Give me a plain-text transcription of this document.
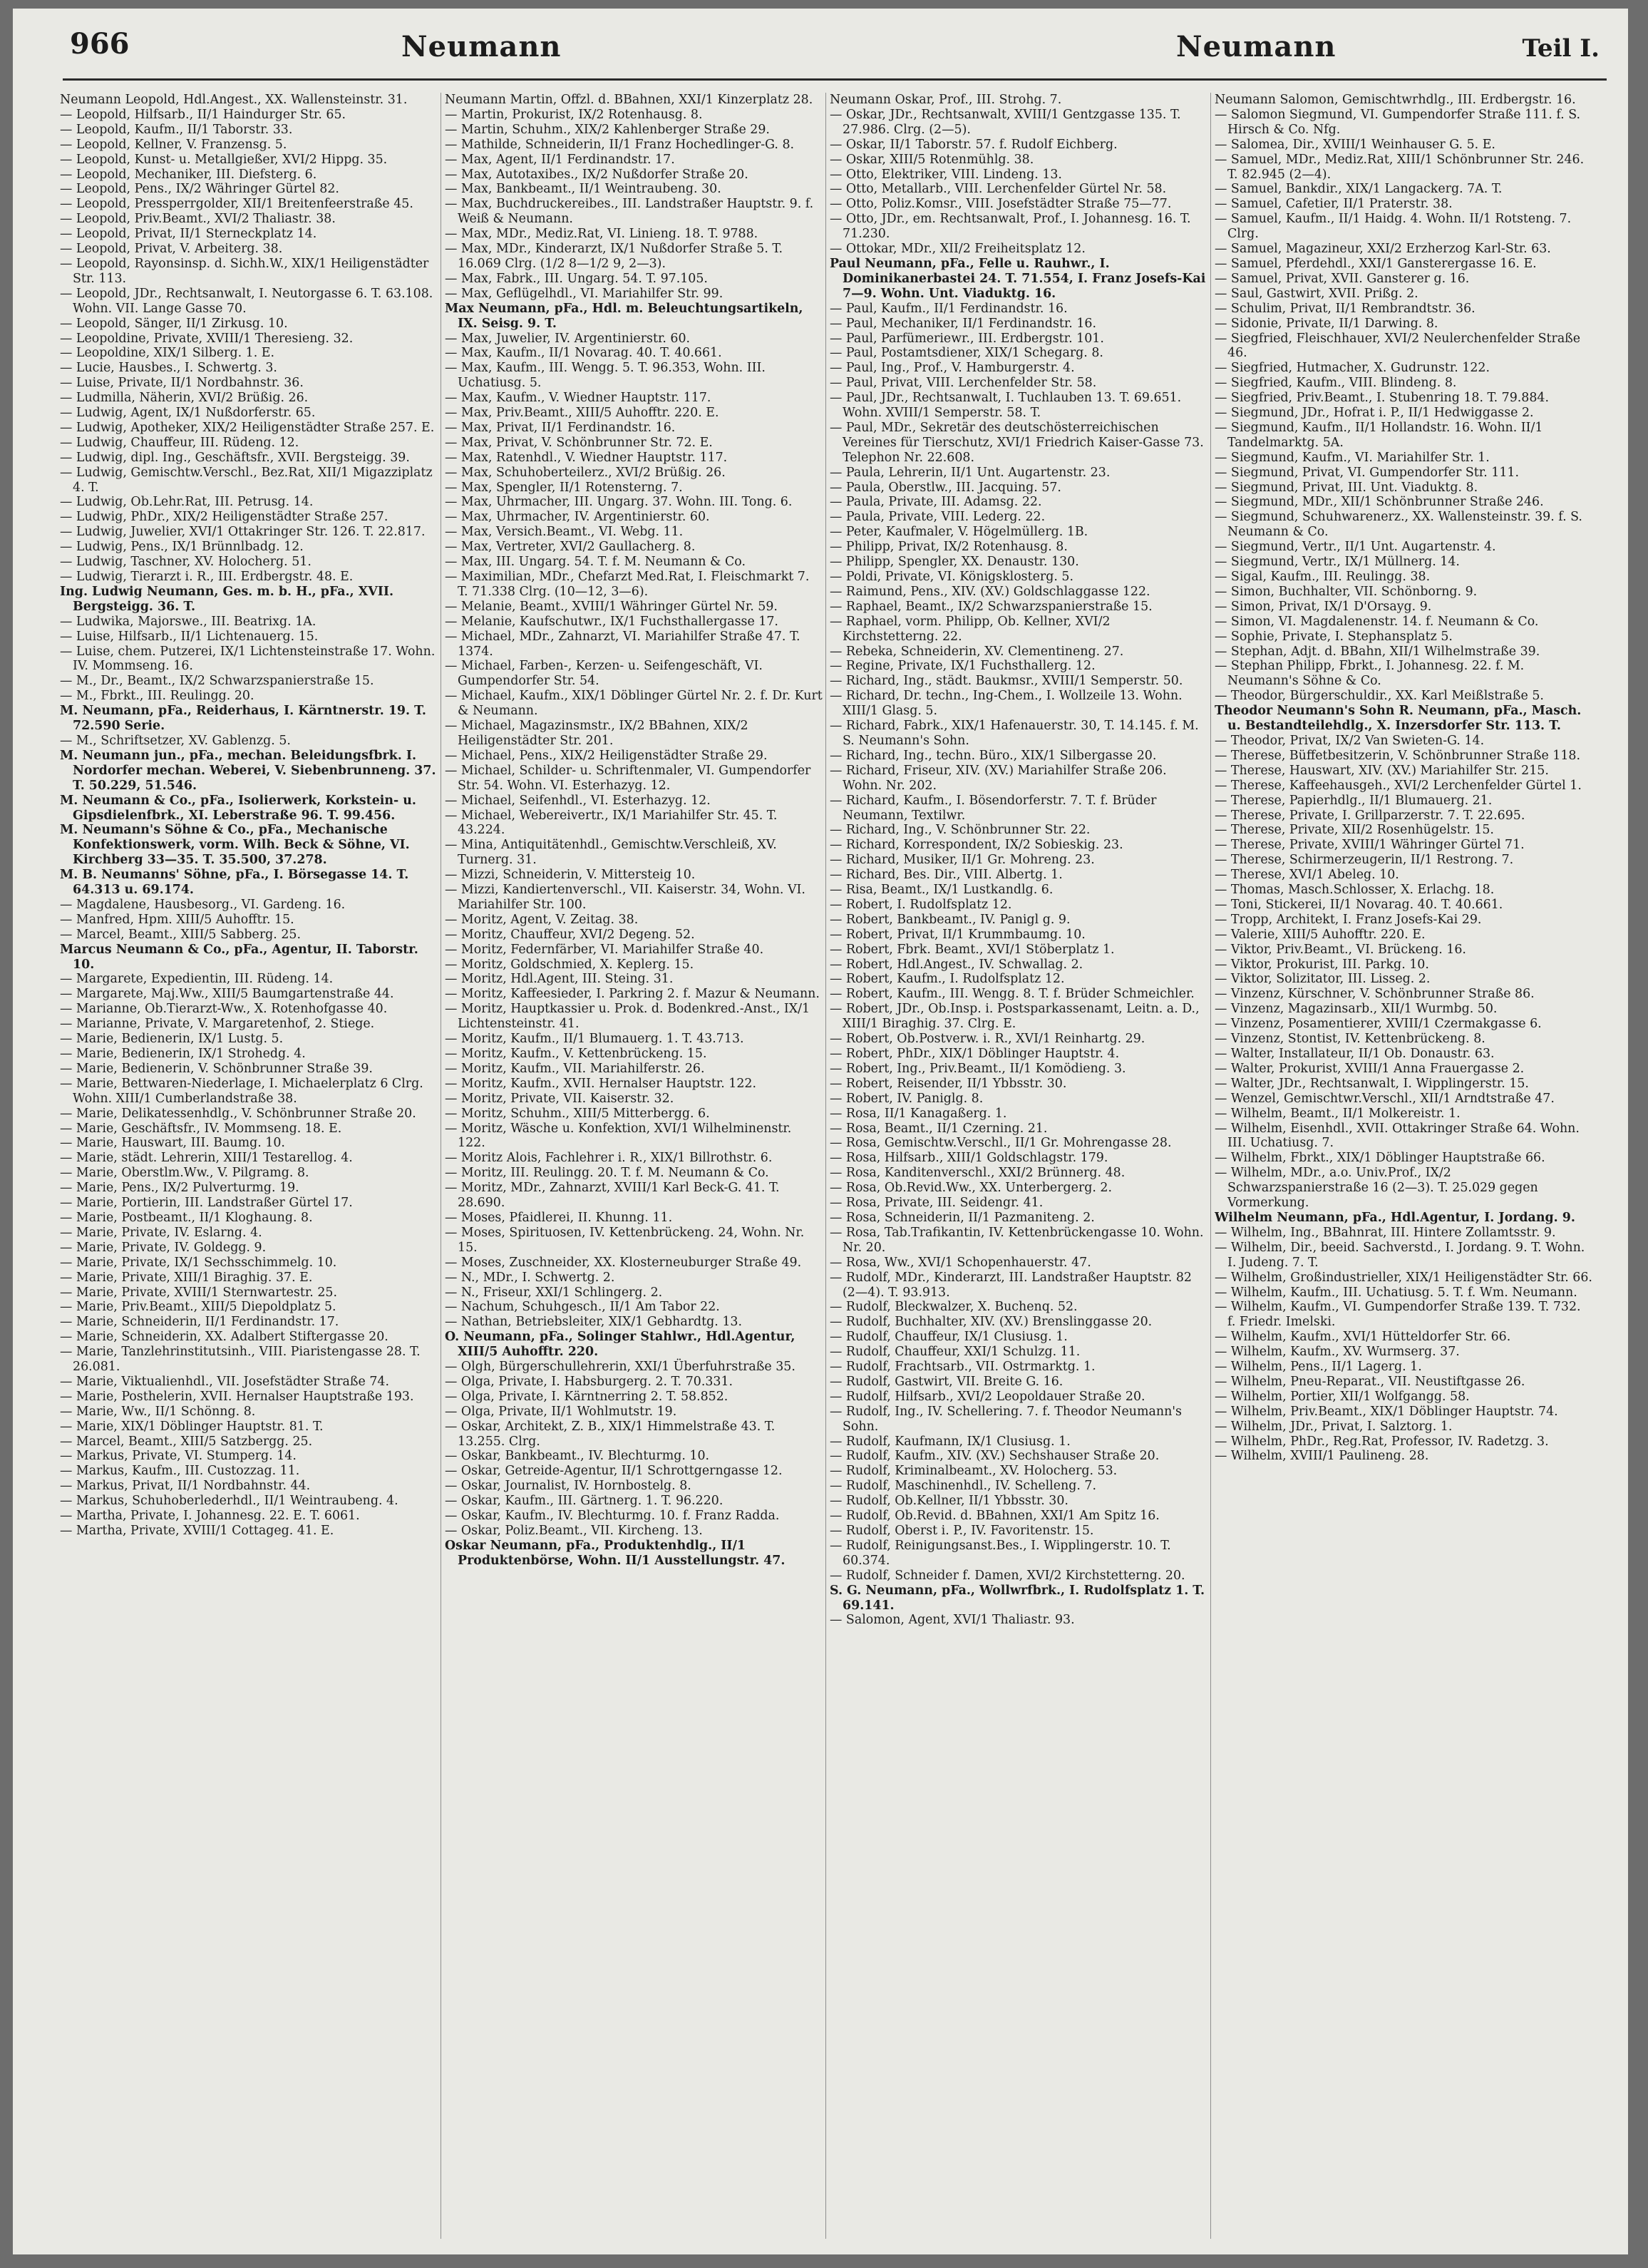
966	Neumann	Neumann	Teil I.

Neumann Leopold, Hdl.Angest., XX. Wallensteinstr. 31.

— Leopold, Hilfsarb., II/1 Haindurger Str. 65.

— Leopold, Kaufm., II/1 Taborstr. 33.

— Leopold, Kellner, V. Franzensg. 5.

— Leopold, Kunst- u. Metallgießer, XVI/2 Hippg. 35.

— Leopold, Mechaniker, III. Diefsterg. 6.

— Leopold, Pens., IX/2 Währinger Gürtel 82.

— Leopold, Pressperrgolder, XII/1 Breitenfeerstraße 45.

— Leopold, Priv.Beamt., XVI/2 Thaliastr. 38.

— Leopold, Privat, II/1 Sterneckplatz 14.

— Leopold, Privat, V. Arbeiterg. 38.

— Leopold, Rayonsinsp. d. Sichh.W., XIX/1 Heiligenstädter Str. 113.

— Leopold, JDr., Rechtsanwalt, I. Neutorgasse 6. T. 63.108. Wohn. VII. Lange Gasse 70.

— Leopold, Sänger, II/1 Zirkusg. 10.

— Leopoldine, Private, XVIII/1 Theresieng. 32.

— Leopoldine, XIX/1 Silberg. 1. E.

— Lucie, Hausbes., I. Schwertg. 3.

— Luise, Private, II/1 Nordbahnstr. 36.

— Ludmilla, Näherin, XVI/2 Brüßig. 26.

— Ludwig, Agent, IX/1 Nußdorferstr. 65.

— Ludwig, Apotheker, XIX/2 Heiligenstädter Straße 257. E.

— Ludwig, Chauffeur, III. Rüdeng. 12.

— Ludwig, dipl. Ing., Geschäftsfr., XVII. Bergsteigg. 39.

— Ludwig, Gemischtw.Verschl., Bez.Rat, XII/1 Migazziplatz 4. T.

— Ludwig, Ob.Lehr.Rat, III. Petrusg. 14.

— Ludwig, PhDr., XIX/2 Heiligenstädter Straße 257.

— Ludwig, Juwelier, XVI/1 Ottakringer Str. 126. T. 22.817.

— Ludwig, Pens., IX/1 Brünnlbadg. 12.

— Ludwig, Taschner, XV. Holocherg. 51.

— Ludwig, Tierarzt i. R., III. Erdbergstr. 48. E.

Ing. Ludwig Neumann, Ges. m. b. H., pFa., XVII. Bergsteigg. 36. T.

— Ludwika, Majorswe., III. Beatrixg. 1A.

— Luise, Hilfsarb., II/1 Lichtenauerg. 15.

— Luise, chem. Putzerei, IX/1 Lichtensteinstraße 17. Wohn. IV. Mommseng. 16.

— M., Dr., Beamt., IX/2 Schwarzspanierstraße 15.

— M., Fbrkt., III. Reulingg. 20.

M. Neumann, pFa., Reiderhaus, I. Kärntnerstr. 19. T. 72.590 Serie.

— M., Schriftsetzer, XV. Gablenzg. 5.

M. Neumann jun., pFa., mechan. Beleidungsfbrk. I. Nordorfer mechan. Weberei, V. Siebenbrunneng. 37. T. 50.229, 51.546.

M. Neumann & Co., pFa., Isolierwerk, Korkstein- u. Gipsdielenfbrk., XI. Leberstraße 96. T. 99.456.

M. Neumann's Söhne & Co., pFa., Mechanische Konfektionswerk, vorm. Wilh. Beck & Söhne, VI. Kirchberg 33—35. T. 35.500, 37.278.

M. B. Neumanns' Söhne, pFa., I. Börsegasse 14. T. 64.313 u. 69.174.

— Magdalene, Hausbesorg., VI. Gardeng. 16.

— Manfred, Hpm. XIII/5 Auhofftr. 15.

— Marcel, Beamt., XIII/5 Sabberg. 25.

Marcus Neumann & Co., pFa., Agentur, II. Taborstr. 10.

— Margarete, Expedientin, III. Rüdeng. 14.

— Margarete, Maj.Ww., XIII/5 Baumgartenstraße 44.

— Marianne, Ob.Tierarzt-Ww., X. Rotenhofgasse 40.

— Marianne, Private, V. Margaretenhof, 2. Stiege.

— Marie, Bedienerin, IX/1 Lustg. 5.

— Marie, Bedienerin, IX/1 Strohedg. 4.

— Marie, Bedienerin, V. Schönbrunner Straße 39.

— Marie, Bettwaren-Niederlage, I. Michaelerplatz 6 Clrg. Wohn. XIII/1 Cumberlandstraße 38.

— Marie, Delikatessenhdlg., V. Schönbrunner Straße 20.

— Marie, Geschäftsfr., IV. Mommseng. 18. E.

— Marie, Hauswart, III. Baumg. 10.

— Marie, städt. Lehrerin, XIII/1 Testarellog. 4.

— Marie, Oberstlm.Ww., V. Pilgramg. 8.

— Marie, Pens., IX/2 Pulverturmg. 19.

— Marie, Portierin, III. Landstraßer Gürtel 17.

— Marie, Postbeamt., II/1 Kloghaung. 8.

— Marie, Private, IV. Eslarng. 4.

— Marie, Private, IV. Goldegg. 9.

— Marie, Private, IX/1 Sechsschimmelg. 10.

— Marie, Private, XIII/1 Biraghig. 37. E.

— Marie, Private, XVIII/1 Sternwartestr. 25.

— Marie, Priv.Beamt., XIII/5 Diepoldplatz 5.

— Marie, Schneiderin, II/1 Ferdinandstr. 17.

— Marie, Schneiderin, XX. Adalbert Stiftergasse 20.

— Marie, Tanzlehrinstitutsinh., VIII. Piaristengasse 28. T. 26.081.

— Marie, Viktualienhdl., VII. Josefstädter Straße 74.

— Marie, Posthelerin, XVII. Hernalser Hauptstraße 193.

— Marie, Ww., II/1 Schönng. 8.

— Marie, XIX/1 Döblinger Hauptstr. 81. T.

— Marcel, Beamt., XIII/5 Satzbergg. 25.

— Markus, Private, VI. Stumperg. 14.

— Markus, Kaufm., III. Custozzag. 11.

— Markus, Privat, II/1 Nordbahnstr. 44.

— Markus, Schuhoberlederhdl., II/1 Weintraubeng. 4.

— Martha, Private, I. Johannesg. 22. E. T. 6061.

— Martha, Private, XVIII/1 Cottageg. 41. E.

Neumann Martin, Offzl. d. BBahnen, XXI/1 Kinzerplatz 28.

— Martin, Prokurist, IX/2 Rotenhausg. 8.

— Martin, Schuhm., XIX/2 Kahlenberger Straße 29.

— Mathilde, Schneiderin, II/1 Franz Hochedlinger-G. 8.

— Max, Agent, II/1 Ferdinandstr. 17.

— Max, Autotaxibes., IX/2 Nußdorfer Straße 20.

— Max, Bankbeamt., II/1 Weintraubeng. 30.

— Max, Buchdruckereibes., III. Landstraßer Hauptstr. 9. f. Weiß & Neumann.

— Max, MDr., Mediz.Rat, VI. Linieng. 18. T. 9788.

— Max, MDr., Kinderarzt, IX/1 Nußdorfer Straße 5. T. 16.069 Clrg. (1/2 8—1/2 9, 2—3).

— Max, Fabrk., III. Ungarg. 54. T. 97.105.

— Max, Geflügelhdl., VI. Mariahilfer Str. 99.

Max Neumann, pFa., Hdl. m. Beleuchtungsartikeln, IX. Seisg. 9. T.

— Max, Juwelier, IV. Argentinierstr. 60.

— Max, Kaufm., II/1 Novarag. 40. T. 40.661.

— Max, Kaufm., III. Wengg. 5. T. 96.353, Wohn. III. Uchatiusg. 5.

— Max, Kaufm., V. Wiedner Hauptstr. 117.

— Max, Priv.Beamt., XIII/5 Auhofftr. 220. E.

— Max, Privat, II/1 Ferdinandstr. 16.

— Max, Privat, V. Schönbrunner Str. 72. E.

— Max, Ratenhdl., V. Wiedner Hauptstr. 117.

— Max, Schuhoberteilerz., XVI/2 Brüßig. 26.

— Max, Spengler, II/1 Rotensterng. 7.

— Max, Uhrmacher, III. Ungarg. 37. Wohn. III. Tong. 6.

— Max, Uhrmacher, IV. Argentinierstr. 60.

— Max, Versich.Beamt., VI. Webg. 11.

— Max, Vertreter, XVI/2 Gaullacherg. 8.

— Max, III. Ungarg. 54. T. f. M. Neumann & Co.

— Maximilian, MDr., Chefarzt Med.Rat, I. Fleischmarkt 7. T. 71.338 Clrg. (10—12, 3—6).

— Melanie, Beamt., XVIII/1 Währinger Gürtel Nr. 59.

— Melanie, Kaufschutwr., IX/1 Fuchsthallergasse 17.

— Michael, MDr., Zahnarzt, VI. Mariahilfer Straße 47. T. 1374.

— Michael, Farben-, Kerzen- u. Seifengeschäft, VI. Gumpendorfer Str. 54.

— Michael, Kaufm., XIX/1 Döblinger Gürtel Nr. 2. f. Dr. Kurt & Neumann.

— Michael, Magazinsmstr., IX/2 BBahnen, XIX/2 Heiligenstädter Str. 201.

— Michael, Pens., XIX/2 Heiligenstädter Straße 29.

— Michael, Schilder- u. Schriftenmaler, VI. Gumpendorfer Str. 54. Wohn. VI. Esterhazyg. 12.

— Michael, Seifenhdl., VI. Esterhazyg. 12.

— Michael, Webereivertr., IX/1 Mariahilfer Str. 45. T. 43.224.

— Mina, Antiquitätenhdl., Gemischtw.Verschleiß, XV. Turnerg. 31.

— Mizzi, Schneiderin, V. Mittersteig 10.

— Mizzi, Kandiertenverschl., VII. Kaiserstr. 34, Wohn. VI. Mariahilfer Str. 100.

— Moritz, Agent, V. Zeitag. 38.

— Moritz, Chauffeur, XVI/2 Degeng. 52.

— Moritz, Federnfärber, VI. Mariahilfer Straße 40.

— Moritz, Goldschmied, X. Keplerg. 15.

— Moritz, Hdl.Agent, III. Steing. 31.

— Moritz, Kaffeesieder, I. Parkring 2. f. Mazur & Neumann.

— Moritz, Hauptkassier u. Prok. d. Bodenkred.-Anst., IX/1 Lichtensteinstr. 41.

— Moritz, Kaufm., II/1 Blumauerg. 1. T. 43.713.

— Moritz, Kaufm., V. Kettenbrückeng. 15.

— Moritz, Kaufm., VII. Mariahilferstr. 26.

— Moritz, Kaufm., XVII. Hernalser Hauptstr. 122.

— Moritz, Private, VII. Kaiserstr. 32.

— Moritz, Schuhm., XIII/5 Mitterbergg. 6.

— Moritz, Wäsche u. Konfektion, XVI/1 Wilhelminenstr. 122.

— Moritz Alois, Fachlehrer i. R., XIX/1 Billrothstr. 6.

— Moritz, III. Reulingg. 20. T. f. M. Neumann & Co.

— Moritz, MDr., Zahnarzt, XVIII/1 Karl Beck-G. 41. T. 28.690.

— Moses, Pfaidlerei, II. Khunng. 11.

— Moses, Spirituosen, IV. Kettenbrückeng. 24, Wohn. Nr. 15.

— Moses, Zuschneider, XX. Klosterneuburger Straße 49.

— N., MDr., I. Schwertg. 2.

— N., Friseur, XXI/1 Schlingerg. 2.

— Nachum, Schuhgesch., II/1 Am Tabor 22.

— Nathan, Betriebsleiter, XIX/1 Gebhardtg. 13.

O. Neumann, pFa., Solinger Stahlwr., Hdl.Agentur, XIII/5 Auhofftr. 220.

— Olgh, Bürgerschullehrerin, XXI/1 Überfuhrstraße 35.

— Olga, Private, I. Habsburgerg. 2. T. 70.331.

— Olga, Private, I. Kärntnerring 2. T. 58.852.

— Olga, Private, II/1 Wohlmutstr. 19.

— Oskar, Architekt, Z. B., XIX/1 Himmelstraße 43. T. 13.255. Clrg.

— Oskar, Bankbeamt., IV. Blechturmg. 10.

— Oskar, Getreide-Agentur, II/1 Schrottgerngasse 12.

— Oskar, Journalist, IV. Hornbostelg. 8.

— Oskar, Kaufm., III. Gärtnerg. 1. T. 96.220.

— Oskar, Kaufm., IV. Blechturmg. 10. f. Franz Radda.

— Oskar, Poliz.Beamt., VII. Kircheng. 13.

Oskar Neumann, pFa., Produktenhdlg., II/1 Produktenbörse, Wohn. II/1 Ausstellungstr. 47.

Neumann Oskar, Prof., III. Strohg. 7.

— Oskar, JDr., Rechtsanwalt, XVIII/1 Gentzgasse 135. T. 27.986. Clrg. (2—5).

— Oskar, II/1 Taborstr. 57. f. Rudolf Eichberg.

— Oskar, XIII/5 Rotenmühlg. 38.

— Otto, Elektriker, VIII. Lindeng. 13.

— Otto, Metallarb., VIII. Lerchenfelder Gürtel Nr. 58.

— Otto, Poliz.Komsr., VIII. Josefstädter Straße 75—77.

— Otto, JDr., em. Rechtsanwalt, Prof., I. Johannesg. 16. T. 71.230.

— Ottokar, MDr., XII/2 Freiheitsplatz 12.

Paul Neumann, pFa., Felle u. Rauhwr., I. Dominikanerbastei 24. T. 71.554, I. Franz Josefs-Kai 7—9. Wohn. Unt. Viaduktg. 16.

— Paul, Kaufm., II/1 Ferdinandstr. 16.

— Paul, Mechaniker, II/1 Ferdinandstr. 16.

— Paul, Parfümeriewr., III. Erdbergstr. 101.

— Paul, Postamtsdiener, XIX/1 Schegarg. 8.

— Paul, Ing., Prof., V. Hamburgerstr. 4.

— Paul, Privat, VIII. Lerchenfelder Str. 58.

— Paul, JDr., Rechtsanwalt, I. Tuchlauben 13. T. 69.651. Wohn. XVIII/1 Semperstr. 58. T.

— Paul, MDr., Sekretär des deutschösterreichischen Vereines für Tierschutz, XVI/1 Friedrich Kaiser-Gasse 73. Telephon Nr. 22.608.

— Paula, Lehrerin, II/1 Unt. Augartenstr. 23.

— Paula, Oberstlw., III. Jacquing. 57.

— Paula, Private, III. Adamsg. 22.

— Paula, Private, VIII. Lederg. 22.

— Peter, Kaufmaler, V. Högelmüllerg. 1B.

— Philipp, Privat, IX/2 Rotenhausg. 8.

— Philipp, Spengler, XX. Denaustr. 130.

— Poldi, Private, VI. Königsklosterg. 5.

— Raimund, Pens., XIV. (XV.) Goldschlaggasse 122.

— Raphael, Beamt., IX/2 Schwarzspanierstraße 15.

— Raphael, vorm. Philipp, Ob. Kellner, XVI/2 Kirchstetterng. 22.

— Rebeka, Schneiderin, XV. Clementineng. 27.

— Regine, Private, IX/1 Fuchsthallerg. 12.

— Richard, Ing., städt. Baukmsr., XVIII/1 Semperstr. 50.

— Richard, Dr. techn., Ing-Chem., I. Wollzeile 13. Wohn. XIII/1 Glasg. 5.

— Richard, Fabrk., XIX/1 Hafenauerstr. 30, T. 14.145. f. M. S. Neumann's Sohn.

— Richard, Ing., techn. Büro., XIX/1 Silbergasse 20.

— Richard, Friseur, XIV. (XV.) Mariahilfer Straße 206. Wohn. Nr. 202.

— Richard, Kaufm., I. Bösendorferstr. 7. T. f. Brüder Neumann, Textilwr.

— Richard, Ing., V. Schönbrunner Str. 22.

— Richard, Korrespondent, IX/2 Sobieskig. 23.

— Richard, Musiker, II/1 Gr. Mohreng. 23.

— Richard, Bes. Dir., VIII. Albertg. 1.

— Risa, Beamt., IX/1 Lustkandlg. 6.

— Robert, I. Rudolfsplatz 12.

— Robert, Bankbeamt., IV. Panigl g. 9.

— Robert, Privat, II/1 Krummbaumg. 10.

— Robert, Fbrk. Beamt., XVI/1 Stöberplatz 1.

— Robert, Hdl.Angest., IV. Schwallag. 2.

— Robert, Kaufm., I. Rudolfsplatz 12.

— Robert, Kaufm., III. Wengg. 8. T. f. Brüder Schmeichler.

— Robert, JDr., Ob.Insp. i. Postsparkassenamt, Leitn. a. D., XIII/1 Biraghig. 37. Clrg. E.

— Robert, Ob.Postverw. i. R., XVI/1 Reinhartg. 29.

— Robert, PhDr., XIX/1 Döblinger Hauptstr. 4.

— Robert, Ing., Priv.Beamt., II/1 Komödieng. 3.

— Robert, Reisender, II/1 Ybbsstr. 30.

— Robert, IV. Paniglg. 8.

— Rosa, II/1 Kanagaßerg. 1.

— Rosa, Beamt., II/1 Czerning. 21.

— Rosa, Gemischtw.Verschl., II/1 Gr. Mohrengasse 28.

— Rosa, Hilfsarb., XIII/1 Goldschlagstr. 179.

— Rosa, Kanditenverschl., XXI/2 Brünnerg. 48.

— Rosa, Ob.Revid.Ww., XX. Unterbergerg. 2.

— Rosa, Private, III. Seidengr. 41.

— Rosa, Schneiderin, II/1 Pazmaniteng. 2.

— Rosa, Tab.Trafikantin, IV. Kettenbrückengasse 10. Wohn. Nr. 20.

— Rosa, Ww., XVI/1 Schopenhauerstr. 47.

— Rudolf, MDr., Kinderarzt, III. Landstraßer Hauptstr. 82 (2—4). T. 93.913.

— Rudolf, Bleckwalzer, X. Buchenq. 52.

— Rudolf, Buchhalter, XIV. (XV.) Brenslinggasse 20.

— Rudolf, Chauffeur, IX/1 Clusiusg. 1.

— Rudolf, Chauffeur, XXI/1 Schulzg. 11.

— Rudolf, Frachtsarb., VII. Ostrmarktg. 1.

— Rudolf, Gastwirt, VII. Breite G. 16.

— Rudolf, Hilfsarb., XVI/2 Leopoldauer Straße 20.

— Rudolf, Ing., IV. Schellering. 7. f. Theodor Neumann's Sohn.

— Rudolf, Kaufmann, IX/1 Clusiusg. 1.

— Rudolf, Kaufm., XIV. (XV.) Sechshauser Straße 20.

— Rudolf, Kriminalbeamt., XV. Holocherg. 53.

— Rudolf, Maschinenhdl., IV. Schelleng. 7.

— Rudolf, Ob.Kellner, II/1 Ybbsstr. 30.

— Rudolf, Ob.Revid. d. BBahnen, XXI/1 Am Spitz 16.

— Rudolf, Oberst i. P., IV. Favoritenstr. 15.

— Rudolf, Reinigungsanst.Bes., I. Wipplingerstr. 10. T. 60.374.

— Rudolf, Schneider f. Damen, XVI/2 Kirchstetterng. 20.

S. G. Neumann, pFa., Wollwrfbrk., I. Rudolfsplatz 1. T. 69.141.

— Salomon, Agent, XVI/1 Thaliastr. 93.

Neumann Salomon, Gemischtwrhdlg., III. Erdbergstr. 16.

— Salomon Siegmund, VI. Gumpendorfer Straße 111. f. S. Hirsch & Co. Nfg.

— Salomea, Dir., XVIII/1 Weinhauser G. 5. E.

— Samuel, MDr., Mediz.Rat, XIII/1 Schönbrunner Str. 246. T. 82.945 (2—4).

— Samuel, Bankdir., XIX/1 Langackerg. 7A. T.

— Samuel, Cafetier, II/1 Praterstr. 38.

— Samuel, Kaufm., II/1 Haidg. 4. Wohn. II/1 Rotsteng. 7. Clrg.

— Samuel, Magazineur, XXI/2 Erzherzog Karl-Str. 63.

— Samuel, Pferdehdl., XXI/1 Gansterergasse 16. E.

— Samuel, Privat, XVII. Gansterer g. 16.

— Saul, Gastwirt, XVII. Prißg. 2.

— Schulim, Privat, II/1 Rembrandtstr. 36.

— Sidonie, Private, II/1 Darwing. 8.

— Siegfried, Fleischhauer, XVI/2 Neulerchenfelder Straße 46.

— Siegfried, Hutmacher, X. Gudrunstr. 122.

— Siegfried, Kaufm., VIII. Blindeng. 8.

— Siegfried, Priv.Beamt., I. Stubenring 18. T. 79.884.

— Siegmund, JDr., Hofrat i. P., II/1 Hedwiggasse 2.

— Siegmund, Kaufm., II/1 Hollandstr. 16. Wohn. II/1 Tandelmarktg. 5A.

— Siegmund, Kaufm., VI. Mariahilfer Str. 1.

— Siegmund, Privat, VI. Gumpendorfer Str. 111.

— Siegmund, Privat, III. Unt. Viaduktg. 8.

— Siegmund, MDr., XII/1 Schönbrunner Straße 246.

— Siegmund, Schuhwarenerz., XX. Wallensteinstr. 39. f. S. Neumann & Co.

— Siegmund, Vertr., II/1 Unt. Augartenstr. 4.

— Siegmund, Vertr., IX/1 Müllnerg. 14.

— Sigal, Kaufm., III. Reulingg. 38.

— Simon, Buchhalter, VII. Schönborng. 9.

— Simon, Privat, IX/1 D'Orsayg. 9.

— Simon, VI. Magdalenenstr. 14. f. Neumann & Co.

— Sophie, Private, I. Stephansplatz 5.

— Stephan, Adjt. d. BBahn, XII/1 Wilhelmstraße 39.

— Stephan Philipp, Fbrkt., I. Johannesg. 22. f. M. Neumann's Söhne & Co.

— Theodor, Bürgerschuldir., XX. Karl Meißlstraße 5.

Theodor Neumann's Sohn R. Neumann, pFa., Masch. u. Bestandteilehdlg., X. Inzersdorfer Str. 113. T.

— Theodor, Privat, IX/2 Van Swieten-G. 14.

— Therese, Büffetbesitzerin, V. Schönbrunner Straße 118.

— Therese, Hauswart, XIV. (XV.) Mariahilfer Str. 215.

— Therese, Kaffeehausgeh., XVI/2 Lerchenfelder Gürtel 1.

— Therese, Papierhdlg., II/1 Blumauerg. 21.

— Therese, Private, I. Grillparzerstr. 7. T. 22.695.

— Therese, Private, XII/2 Rosenhügelstr. 15.

— Therese, Private, XVIII/1 Währinger Gürtel 71.

— Therese, Schirmerzeugerin, II/1 Restrong. 7.

— Therese, XVI/1 Abeleg. 10.

— Thomas, Masch.Schlosser, X. Erlachg. 18.

— Toni, Stickerei, II/1 Novarag. 40. T. 40.661.

— Tropp, Architekt, I. Franz Josefs-Kai 29.

— Valerie, XIII/5 Auhofftr. 220. E.

— Viktor, Priv.Beamt., VI. Brückeng. 16.

— Viktor, Prokurist, III. Parkg. 10.

— Viktor, Solizitator, III. Lisseg. 2.

— Vinzenz, Kürschner, V. Schönbrunner Straße 86.

— Vinzenz, Magazinsarb., XII/1 Wurmbg. 50.

— Vinzenz, Posamentierer, XVIII/1 Czermakgasse 6.

— Vinzenz, Stontist, IV. Kettenbrückeng. 8.

— Walter, Installateur, II/1 Ob. Donaustr. 63.

— Walter, Prokurist, XVIII/1 Anna Frauergasse 2.

— Walter, JDr., Rechtsanwalt, I. Wipplingerstr. 15.

— Wenzel, Gemischtwr.Verschl., XII/1 Arndtstraße 47.

— Wilhelm, Beamt., II/1 Molkereistr. 1.

— Wilhelm, Eisenhdl., XVII. Ottakringer Straße 64. Wohn. III. Uchatiusg. 7.

— Wilhelm, Fbrkt., XIX/1 Döblinger Hauptstraße 66.

— Wilhelm, MDr., a.o. Univ.Prof., IX/2 Schwarzspanierstraße 16 (2—3). T. 25.029 gegen Vormerkung.

Wilhelm Neumann, pFa., Hdl.Agentur, I. Jordang. 9.

— Wilhelm, Ing., BBahnrat, III. Hintere Zollamtsstr. 9.

— Wilhelm, Dir., beeid. Sachverstd., I. Jordang. 9. T. Wohn. I. Judeng. 7. T.

— Wilhelm, Großindustrieller, XIX/1 Heiligenstädter Str. 66.

— Wilhelm, Kaufm., III. Uchatiusg. 5. T. f. Wm. Neumann.

— Wilhelm, Kaufm., VI. Gumpendorfer Straße 139. T. 732. f. Friedr. Imelski.

— Wilhelm, Kaufm., XVI/1 Hütteldorfer Str. 66.

— Wilhelm, Kaufm., XV. Wurmserg. 37.

— Wilhelm, Pens., II/1 Lagerg. 1.

— Wilhelm, Pneu-Reparat., VII. Neustiftgasse 26.

— Wilhelm, Portier, XII/1 Wolfgangg. 58.

— Wilhelm, Priv.Beamt., XIX/1 Döblinger Hauptstr. 74.

— Wilhelm, JDr., Privat, I. Salztorg. 1.

— Wilhelm, PhDr., Reg.Rat, Professor, IV. Radetzg. 3.

— Wilhelm, XVIII/1 Paulineng. 28.
